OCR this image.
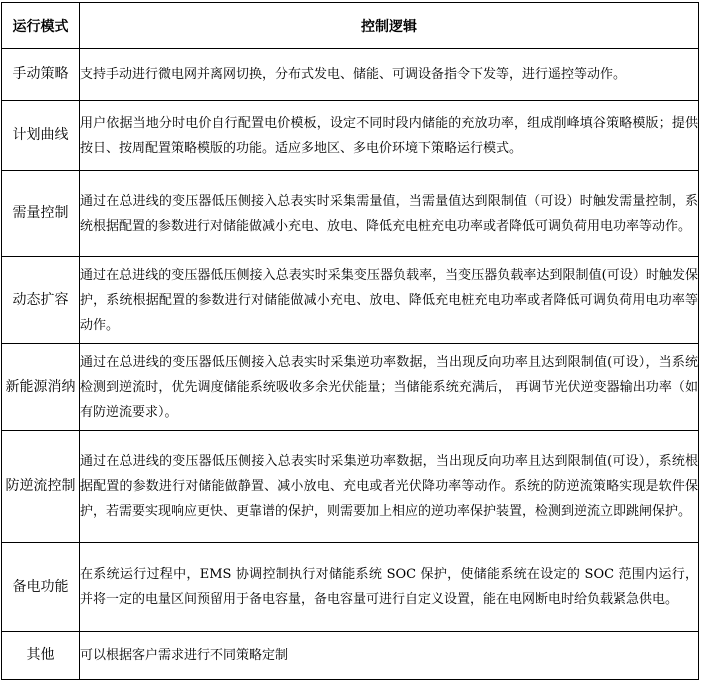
运行模式	控制逻辑
手动策略	支持手动进行微电网并离网切换，分布式发电、储能、可调设备指令下发等，进行遥控等动作。
计划曲线	用户依据当地分时电价自行配置电价模板，设定不同时段内储能的充放功率，组成削峰填谷策略模版；提供按日、按周配置策略模版的功能。适应多地区、多电价环境下策略运行模式。
需量控制	通过在总进线的变压器低压侧接入总表实时采集需量值，当需量值达到限制值（可设）时触发需量控制，系统根据配置的参数进行对储能做减小充电、放电、降低充电桩充电功率或者降低可调负荷用电功率等动作。
动态扩容	通过在总进线的变压器低压侧接入总表实时采集变压器负载率，当变压器负载率达到限制值(可设）时触发保护，系统根据配置的参数进行对储能做减小充电、放电、降低充电桩充电功率或者降低可调负荷用电功率等动作。
新能源消纳	通过在总进线的变压器低压侧接入总表实时采集逆功率数据，当出现反向功率且达到限制值(可设），当系统检测到逆流时，优先调度储能系统吸收多余光伏能量；当储能系统充满后， 再调节光伏逆变器输出功率（如有防逆流要求）。
防逆流控制	通过在总进线的变压器低压侧接入总表实时采集逆功率数据，当出现反向功率且达到限制值(可设），系统根据配置的参数进行对储能做静置、减小放电、充电或者光伏降功率等动作。系统的防逆流策略实现是软件保护，若需要实现响应更快、更靠谱的保护，则需要加上相应的逆功率保护装置，检测到逆流立即跳闸保护。
备电功能	在系统运行过程中，EMS 协调控制执行对储能系统 SOC 保护，使储能系统在设定的 SOC 范围内运行，并将一定的电量区间预留用于备电容量，备电容量可进行自定义设置，能在电网断电时给负载紧急供电。
其他	可以根据客户需求进行不同策略定制
